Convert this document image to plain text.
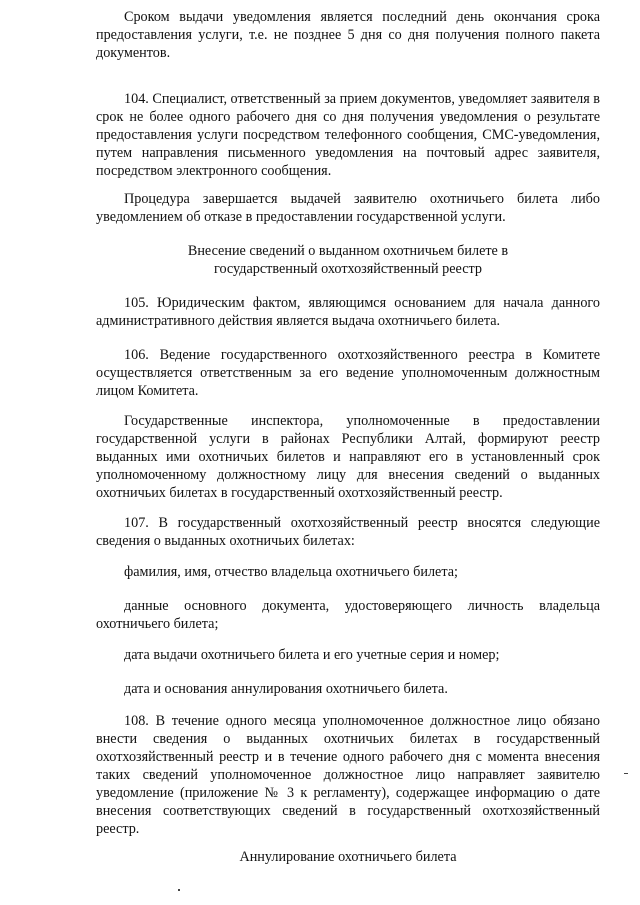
Сроком выдачи уведомления является последний день окончания срока предоставления услуги, т.е. не позднее 5 дня со дня получения полного пакета документов.

104. Специалист, ответственный за прием документов, уведомляет заявителя в срок не более одного рабочего дня со дня получения уведомления о результате предоставления услуги посредством телефонного сообщения, СМС-уведомления, путем направления письменного уведомления на почтовый адрес заявителя, посредством электронного сообщения.

Процедура завершается выдачей заявителю охотничьего билета либо уведомлением об отказе в предоставлении государственной услуги.

Внесение сведений о выданном охотничьем билете в
государственный охотхозяйственный реестр

105. Юридическим фактом, являющимся основанием для начала данного административного действия является выдача охотничьего билета.

106. Ведение государственного охотхозяйственного реестра в Комитете осуществляется ответственным за его ведение уполномоченным должностным лицом Комитета.

Государственные инспектора, уполномоченные в предоставлении государственной услуги в районах Республики Алтай, формируют реестр выданных ими охотничьих билетов и направляют его в установленный срок уполномоченному должностному лицу для внесения сведений о выданных охотничьих билетах в государственный охотхозяйственный реестр.

107. В государственный охотхозяйственный реестр вносятся следующие сведения о выданных охотничьих билетах:

фамилия, имя, отчество владельца охотничьего билета;

данные основного документа, удостоверяющего личность владельца охотничьего билета;

дата выдачи охотничьего билета и его учетные серия и номер;

дата и основания аннулирования охотничьего билета.

108. В течение одного месяца уполномоченное должностное лицо обязано внести сведения о выданных охотничьих билетах в государственный охотхозяйственный реестр и в течение одного рабочего дня с момента внесения таких сведений уполномоченное должностное лицо направляет заявителю уведомление (приложение № 3 к регламенту), содержащее информацию о дате внесения соответствующих сведений в государственный охотхозяйственный реестр.

Аннулирование охотничьего билета
